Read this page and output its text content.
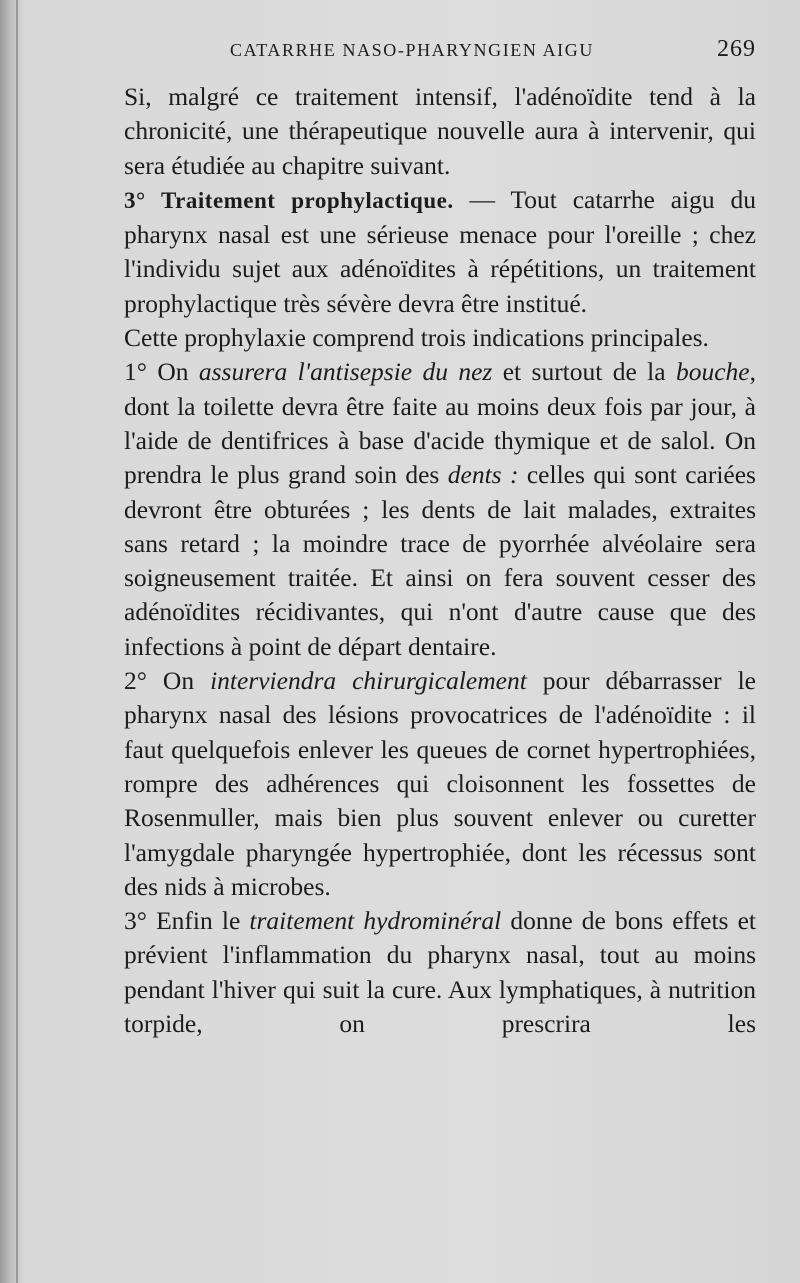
CATARRHE NASO-PHARYNGIEN AIGU	269

Si, malgré ce traitement intensif, l'adénoïdite tend à la chronicité, une thérapeutique nouvelle aura à intervenir, qui sera étudiée au chapitre suivant.

3° Traitement prophylactique. — Tout catarrhe aigu du pharynx nasal est une sérieuse menace pour l'oreille ; chez l'individu sujet aux adénoïdites à répétitions, un traitement prophylactique très sévère devra être institué.

Cette prophylaxie comprend trois indications principales.

1° On assurera l'antisepsie du nez et surtout de la bouche, dont la toilette devra être faite au moins deux fois par jour, à l'aide de dentifrices à base d'acide thymique et de salol. On prendra le plus grand soin des dents : celles qui sont cariées devront être obturées ; les dents de lait malades, extraites sans retard ; la moindre trace de pyorrhée alvéolaire sera soigneusement traitée. Et ainsi on fera souvent cesser des adénoïdites récidivantes, qui n'ont d'autre cause que des infections à point de départ dentaire.

2° On interviendra chirurgicalement pour débarrasser le pharynx nasal des lésions provocatrices de l'adénoïdite : il faut quelquefois enlever les queues de cornet hypertrophiées, rompre des adhérences qui cloisonnent les fossettes de Rosenmuller, mais bien plus souvent enlever ou curetter l'amygdale pharyngée hypertrophiée, dont les récessus sont des nids à microbes.

3° Enfin le traitement hydrominéral donne de bons effets et prévient l'inflammation du pharynx nasal, tout au moins pendant l'hiver qui suit la cure. Aux lymphatiques, à nutrition torpide, on prescrira les
